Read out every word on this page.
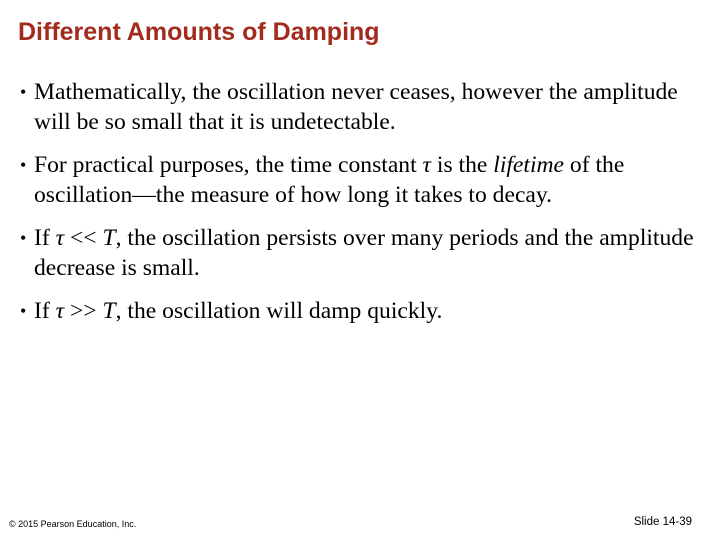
Different Amounts of Damping
• Mathematically, the oscillation never ceases, however the amplitude will be so small that it is undetectable.
• For practical purposes, the time constant τ is the lifetime of the oscillation—the measure of how long it takes to decay.
• If τ << T, the oscillation persists over many periods and the amplitude decrease is small.
• If τ >> T, the oscillation will damp quickly.
© 2015 Pearson Education, Inc.	Slide 14-39
